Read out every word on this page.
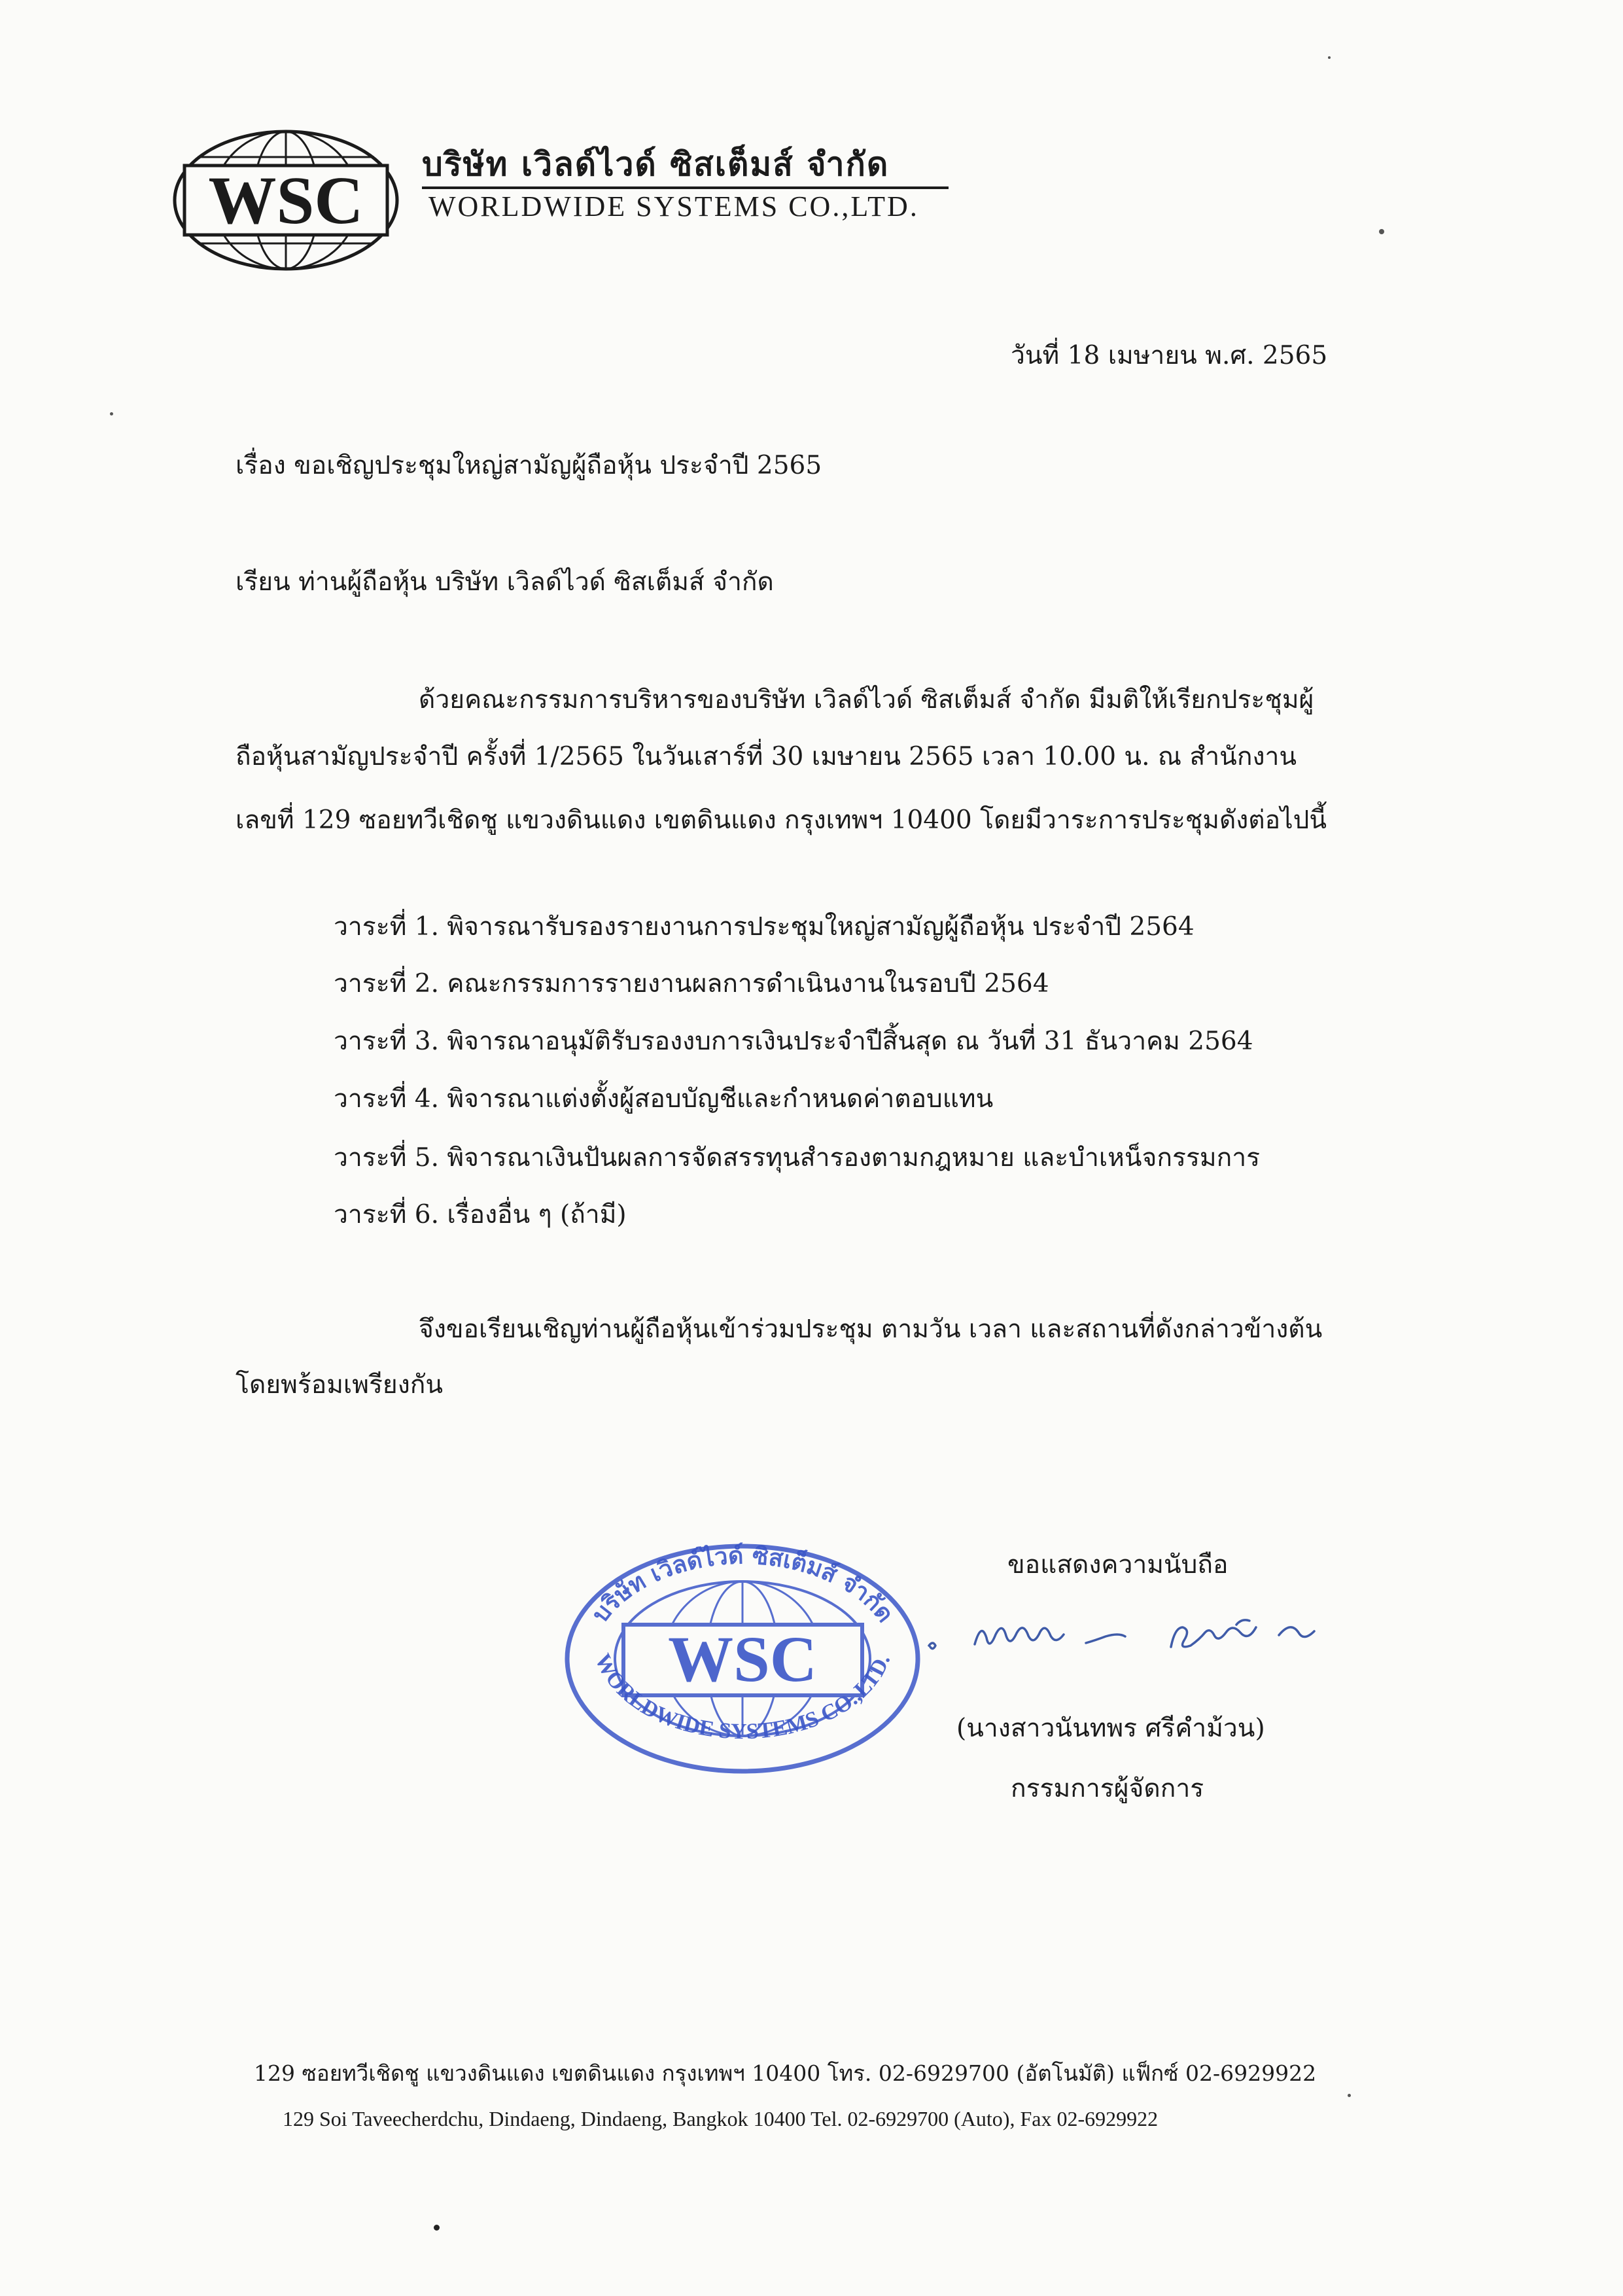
WSC บริษัท เวิลด์ไวด์ ซิสเต็มส์ จำกัด
WORLDWIDE SYSTEMS CO.,LTD.
วันที่ 18 เมษายน พ.ศ. 2565
เรื่อง ขอเชิญประชุมใหญ่สามัญผู้ถือหุ้น ประจำปี 2565
เรียน ท่านผู้ถือหุ้น บริษัท เวิลด์ไวด์ ซิสเต็มส์ จำกัด
ด้วยคณะกรรมการบริหารของบริษัท เวิลด์ไวด์ ซิสเต็มส์ จำกัด มีมติให้เรียกประชุมผู้
ถือหุ้นสามัญประจำปี ครั้งที่ 1/2565 ในวันเสาร์ที่ 30 เมษายน 2565 เวลา 10.00 น. ณ สำนักงาน
เลขที่ 129 ซอยทวีเชิดชู แขวงดินแดง เขตดินแดง กรุงเทพฯ 10400 โดยมีวาระการประชุมดังต่อไปนี้
วาระที่ 1. พิจารณารับรองรายงานการประชุมใหญ่สามัญผู้ถือหุ้น ประจำปี 2564
วาระที่ 2. คณะกรรมการรายงานผลการดำเนินงานในรอบปี 2564
วาระที่ 3. พิจารณาอนุมัติรับรองงบการเงินประจำปีสิ้นสุด ณ วันที่ 31 ธันวาคม 2564
วาระที่ 4. พิจารณาแต่งตั้งผู้สอบบัญชีและกำหนดค่าตอบแทน
วาระที่ 5. พิจารณาเงินปันผลการจัดสรรทุนสำรองตามกฎหมาย และบำเหน็จกรรมการ
วาระที่ 6. เรื่องอื่น ๆ (ถ้ามี)
จึงขอเรียนเชิญท่านผู้ถือหุ้นเข้าร่วมประชุม ตามวัน เวลา และสถานที่ดังกล่าวข้างต้น
โดยพร้อมเพรียงกัน
ขอแสดงความนับถือ
WSC
บริษัท เวิลด์ไวด์ ซิสเต็มส์ จำกัด
WORLDWIDE SYSTEMS CO.,LTD.
(นางสาวนันทพร ศรีคำม้วน)
กรรมการผู้จัดการ
129 ซอยทวีเชิดชู แขวงดินแดง เขตดินแดง กรุงเทพฯ 10400 โทร. 02-6929700 (อัตโนมัติ) แฟ็กซ์ 02-6929922
129 Soi Taveecherdchu, Dindaeng, Dindaeng, Bangkok 10400 Tel. 02-6929700 (Auto), Fax 02-6929922
